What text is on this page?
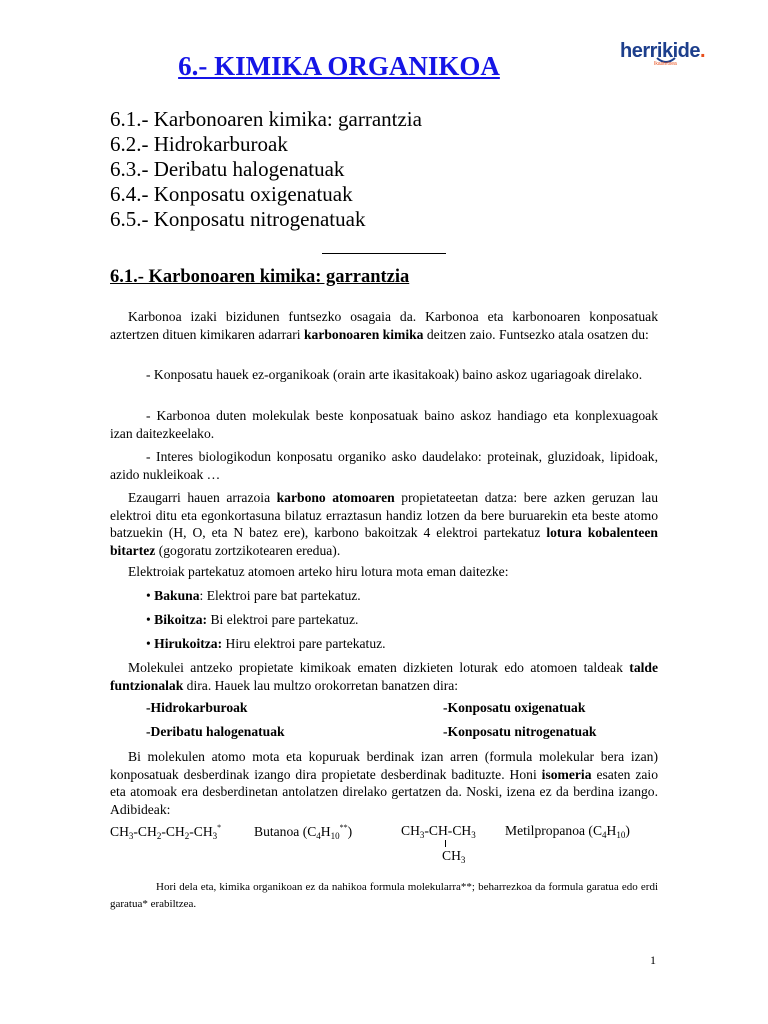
herrikide.
Ikastetxea
6.- KIMIKA ORGANIKOA
6.1.- Karbonoaren kimika: garrantzia
6.2.- Hidrokarburoak
6.3.- Deribatu halogenatuak
6.4.- Konposatu oxigenatuak
6.5.- Konposatu nitrogenatuak
6.1.- Karbonoaren kimika: garrantzia
Karbonoa izaki bizidunen funtsezko osagaia da. Karbonoa eta karbonoaren konposatuak aztertzen dituen kimikaren adarrari karbonoaren kimika deitzen zaio. Funtsezko atala osatzen du:
- Konposatu hauek ez-organikoak (orain arte ikasitakoak) baino askoz ugariagoak direlako.
- Karbonoa duten molekulak beste konposatuak baino askoz handiago eta konplexuagoak izan daitezkeelako.
- Interes biologikodun konposatu organiko asko daudelako: proteinak, gluzidoak, lipidoak, azido nukleikoak …
Ezaugarri hauen arrazoia karbono atomoaren propietateetan datza: bere azken geruzan lau elektroi ditu eta egonkortasuna bilatuz erraztasun handiz lotzen da bere buruarekin eta beste atomo batzuekin (H, O, eta N batez ere), karbono bakoitzak 4 elektroi partekatuz lotura kobalenteen bitartez (gogoratu zortzikotearen eredua).
Elektroiak partekatuz atomoen arteko hiru lotura mota eman daitezke:
• Bakuna: Elektroi pare bat partekatuz.
• Bikoitza: Bi elektroi pare partekatuz.
• Hirukoitza: Hiru elektroi pare partekatuz.
Molekulei antzeko propietate kimikoak ematen dizkieten loturak edo atomoen taldeak talde funtzionalak dira. Hauek lau multzo orokorretan banatzen dira:
-Hidrokarburoak	-Konposatu oxigenatuak
-Deribatu halogenatuak	-Konposatu nitrogenatuak
Bi molekulen atomo mota eta kopuruak berdinak izan arren (formula molekular bera izan) konposatuak desberdinak izango dira propietate desberdinak badituzte. Honi isomeria esaten zaio eta atomoak era desberdinetan antolatzen direlako gertatzen da. Noski, izena ez da berdina izango. Adibideak:
$CH_3-CH_2-CH_2-CH_3^*$ Butanoa $(C_4H_{10}^{**})$	$CH_3-CH-CH_3$ Metilpropanoa $(C_4H_{10})$
$CH_3$
Hori dela eta, kimika organikoan ez da nahikoa formula molekularra**; beharrezkoa da formula garatua edo erdi garatua* erabiltzea.
1
